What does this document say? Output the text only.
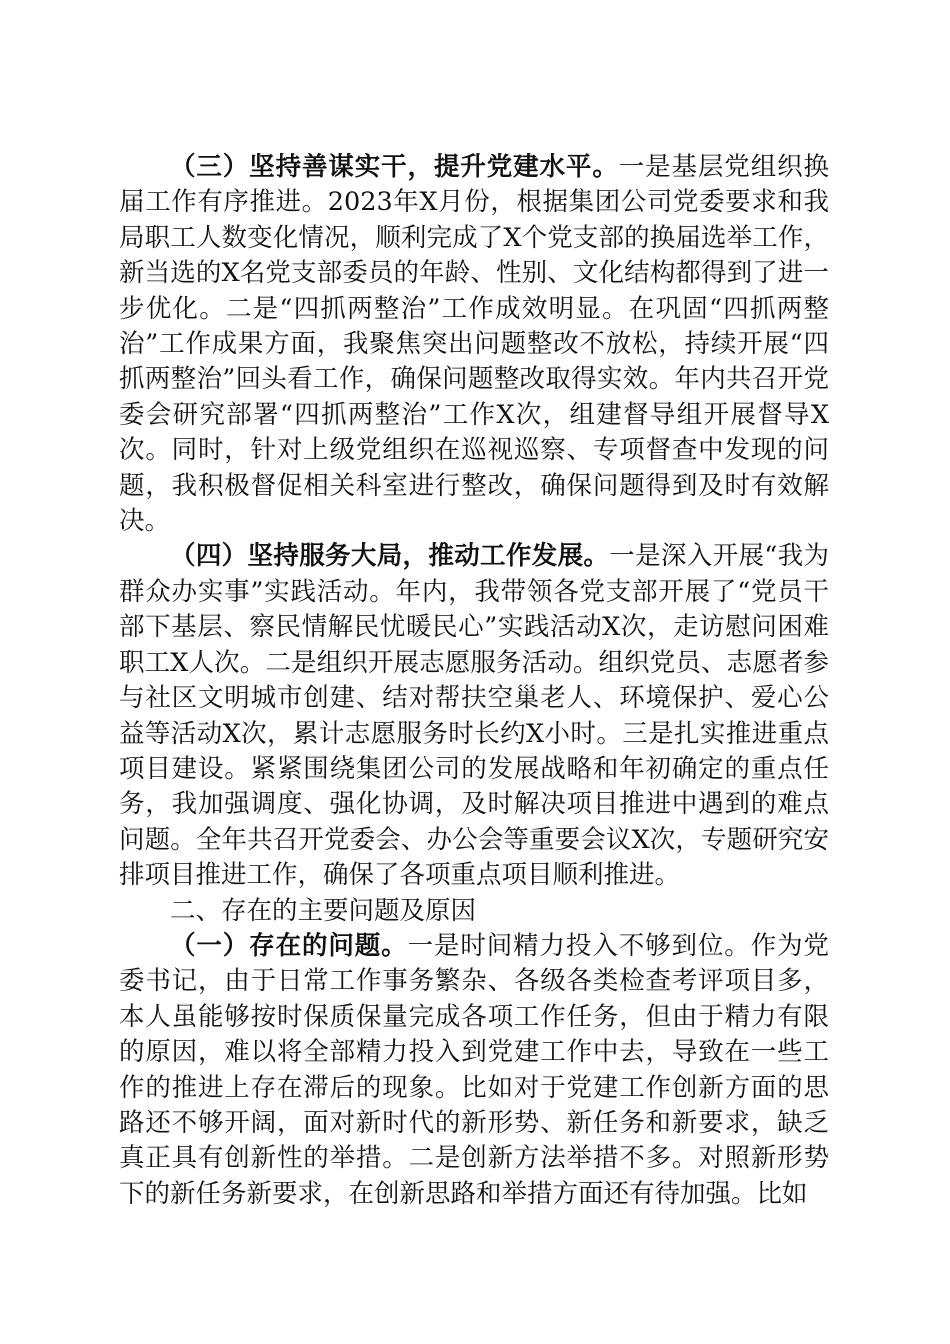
（三）坚持善谋实干，提升党建水平。一是基层党组织换届工作有序推进。2023年X月份，根据集团公司党委要求和我局职工人数变化情况，顺利完成了X个党支部的换届选举工作，新当选的X名党支部委员的年龄、性别、文化结构都得到了进一步优化。二是“四抓两整治”工作成效明显。在巩固“四抓两整治”工作成果方面，我聚焦突出问题整改不放松，持续开展“四抓两整治”回头看工作，确保问题整改取得实效。年内共召开党委会研究部署“四抓两整治”工作X次，组建督导组开展督导X次。同时，针对上级党组织在巡视巡察、专项督查中发现的问题，我积极督促相关科室进行整改，确保问题得到及时有效解决。

（四）坚持服务大局，推动工作发展。一是深入开展“我为群众办实事”实践活动。年内，我带领各党支部开展了“党员干部下基层、察民情解民忧暖民心”实践活动X次，走访慰问困难职工X人次。二是组织开展志愿服务活动。组织党员、志愿者参与社区文明城市创建、结对帮扶空巢老人、环境保护、爱心公益等活动X次，累计志愿服务时长约X小时。三是扎实推进重点项目建设。紧紧围绕集团公司的发展战略和年初确定的重点任务，我加强调度、强化协调，及时解决项目推进中遇到的难点问题。全年共召开党委会、办公会等重要会议X次，专题研究安排项目推进工作，确保了各项重点项目顺利推进。

二、存在的主要问题及原因

（一）存在的问题。一是时间精力投入不够到位。作为党委书记，由于日常工作事务繁杂、各级各类检查考评项目多，本人虽能够按时保质保量完成各项工作任务，但由于精力有限的原因，难以将全部精力投入到党建工作中去，导致在一些工作的推进上存在滞后的现象。比如对于党建工作创新方面的思路还不够开阔，面对新时代的新形势、新任务和新要求，缺乏真正具有创新性的举措。二是创新方法举措不多。对照新形势下的新任务新要求，在创新思路和举措方面还有待加强。比如
